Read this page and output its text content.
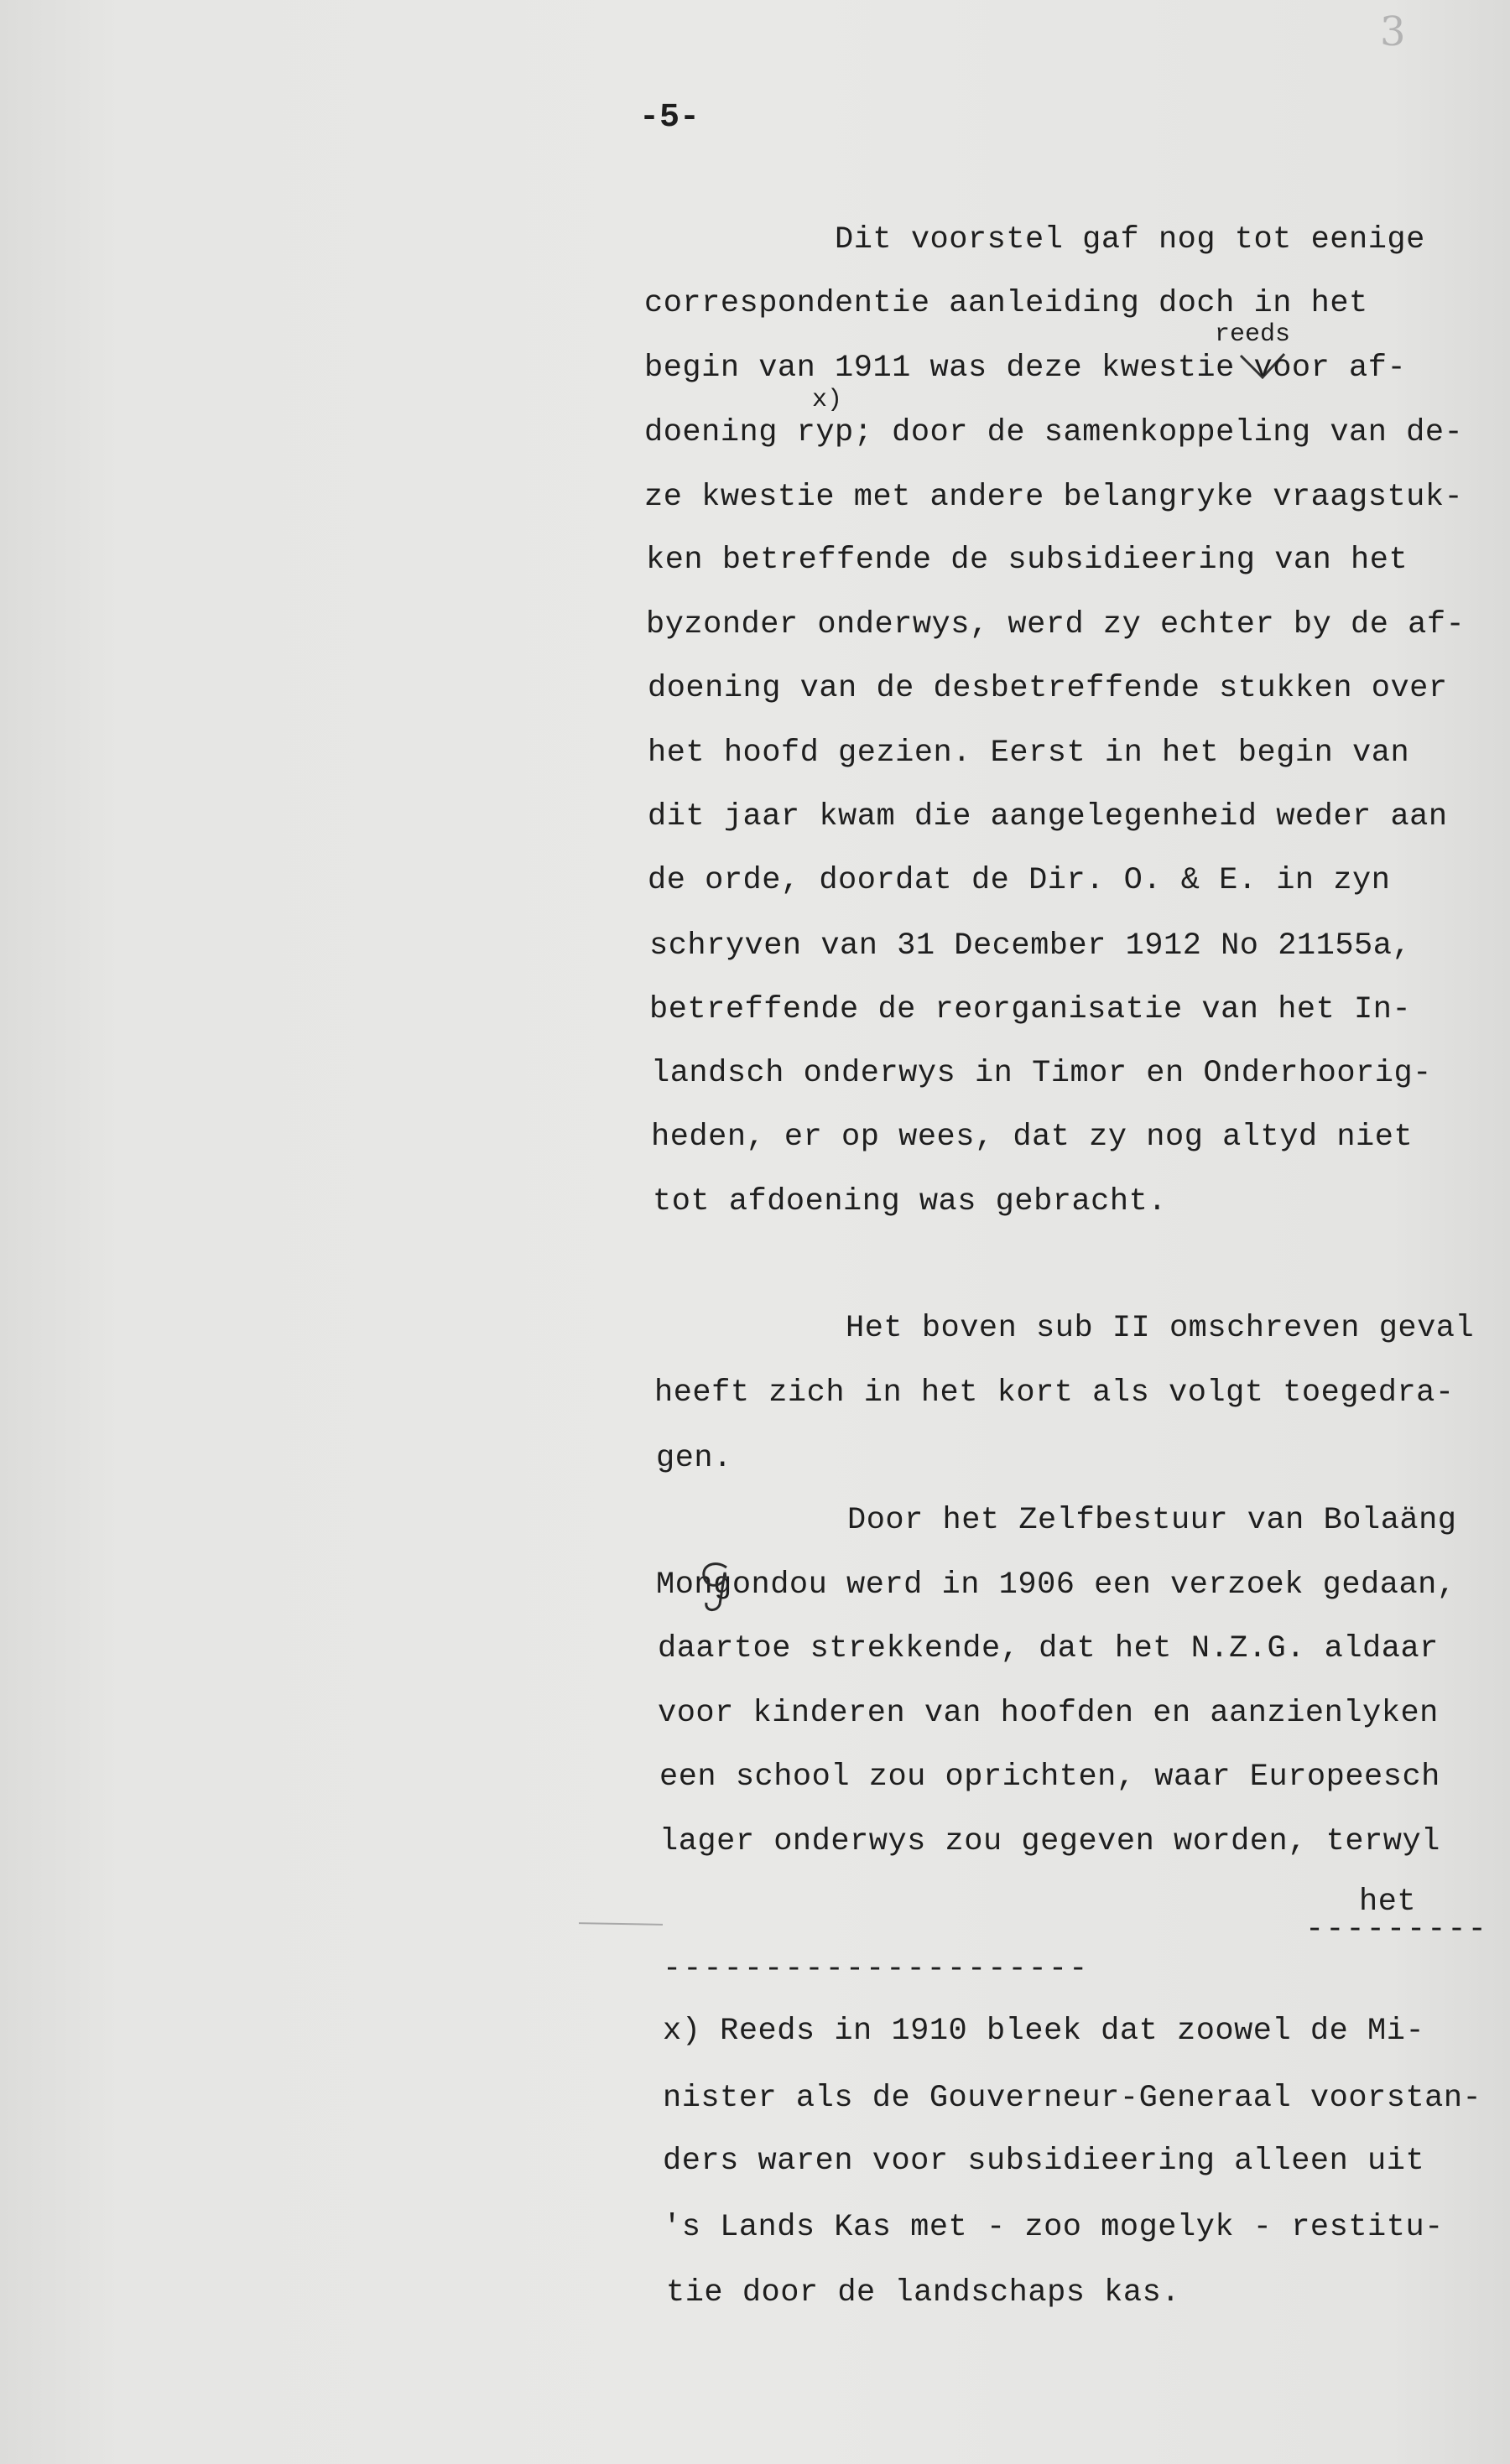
3
-5-
Dit voorstel gaf nog tot eenige
correspondentie aanleiding doch in het
reeds
begin van 1911 was deze kwestie voor af-
x)
doening ryp; door de samenkoppeling van de-
ze kwestie met andere belangryke vraagstuk-
ken betreffende de subsidieering van het
byzonder onderwys, werd zy echter by de af-
doening van de desbetreffende stukken over
het hoofd gezien. Eerst in het begin van
dit jaar kwam die aangelegenheid weder aan
de orde, doordat de Dir. O. & E. in zyn
schryven van 31 December 1912 No 21155a,
betreffende de reorganisatie van het In-
landsch onderwys in Timor en Onderhoorig-
heden, er op wees, dat zy nog altyd niet
tot afdoening was gebracht.
Het boven sub II omschreven geval
heeft zich in het kort als volgt toegedra-
gen.
Door het Zelfbestuur van Bolaäng
Mongondou werd in 1906 een verzoek gedaan,
daartoe strekkende, dat het N.Z.G. aldaar
voor kinderen van hoofden en aanzienlyken
een school zou oprichten, waar Europeesch
lager onderwys zou gegeven worden, terwyl
het
---------
---------------------
x) Reeds in 1910 bleek dat zoowel de Mi-
nister als de Gouverneur-Generaal voorstan-
ders waren voor subsidieering alleen uit
's Lands Kas met - zoo mogelyk - restitu-
tie door de landschaps kas.
